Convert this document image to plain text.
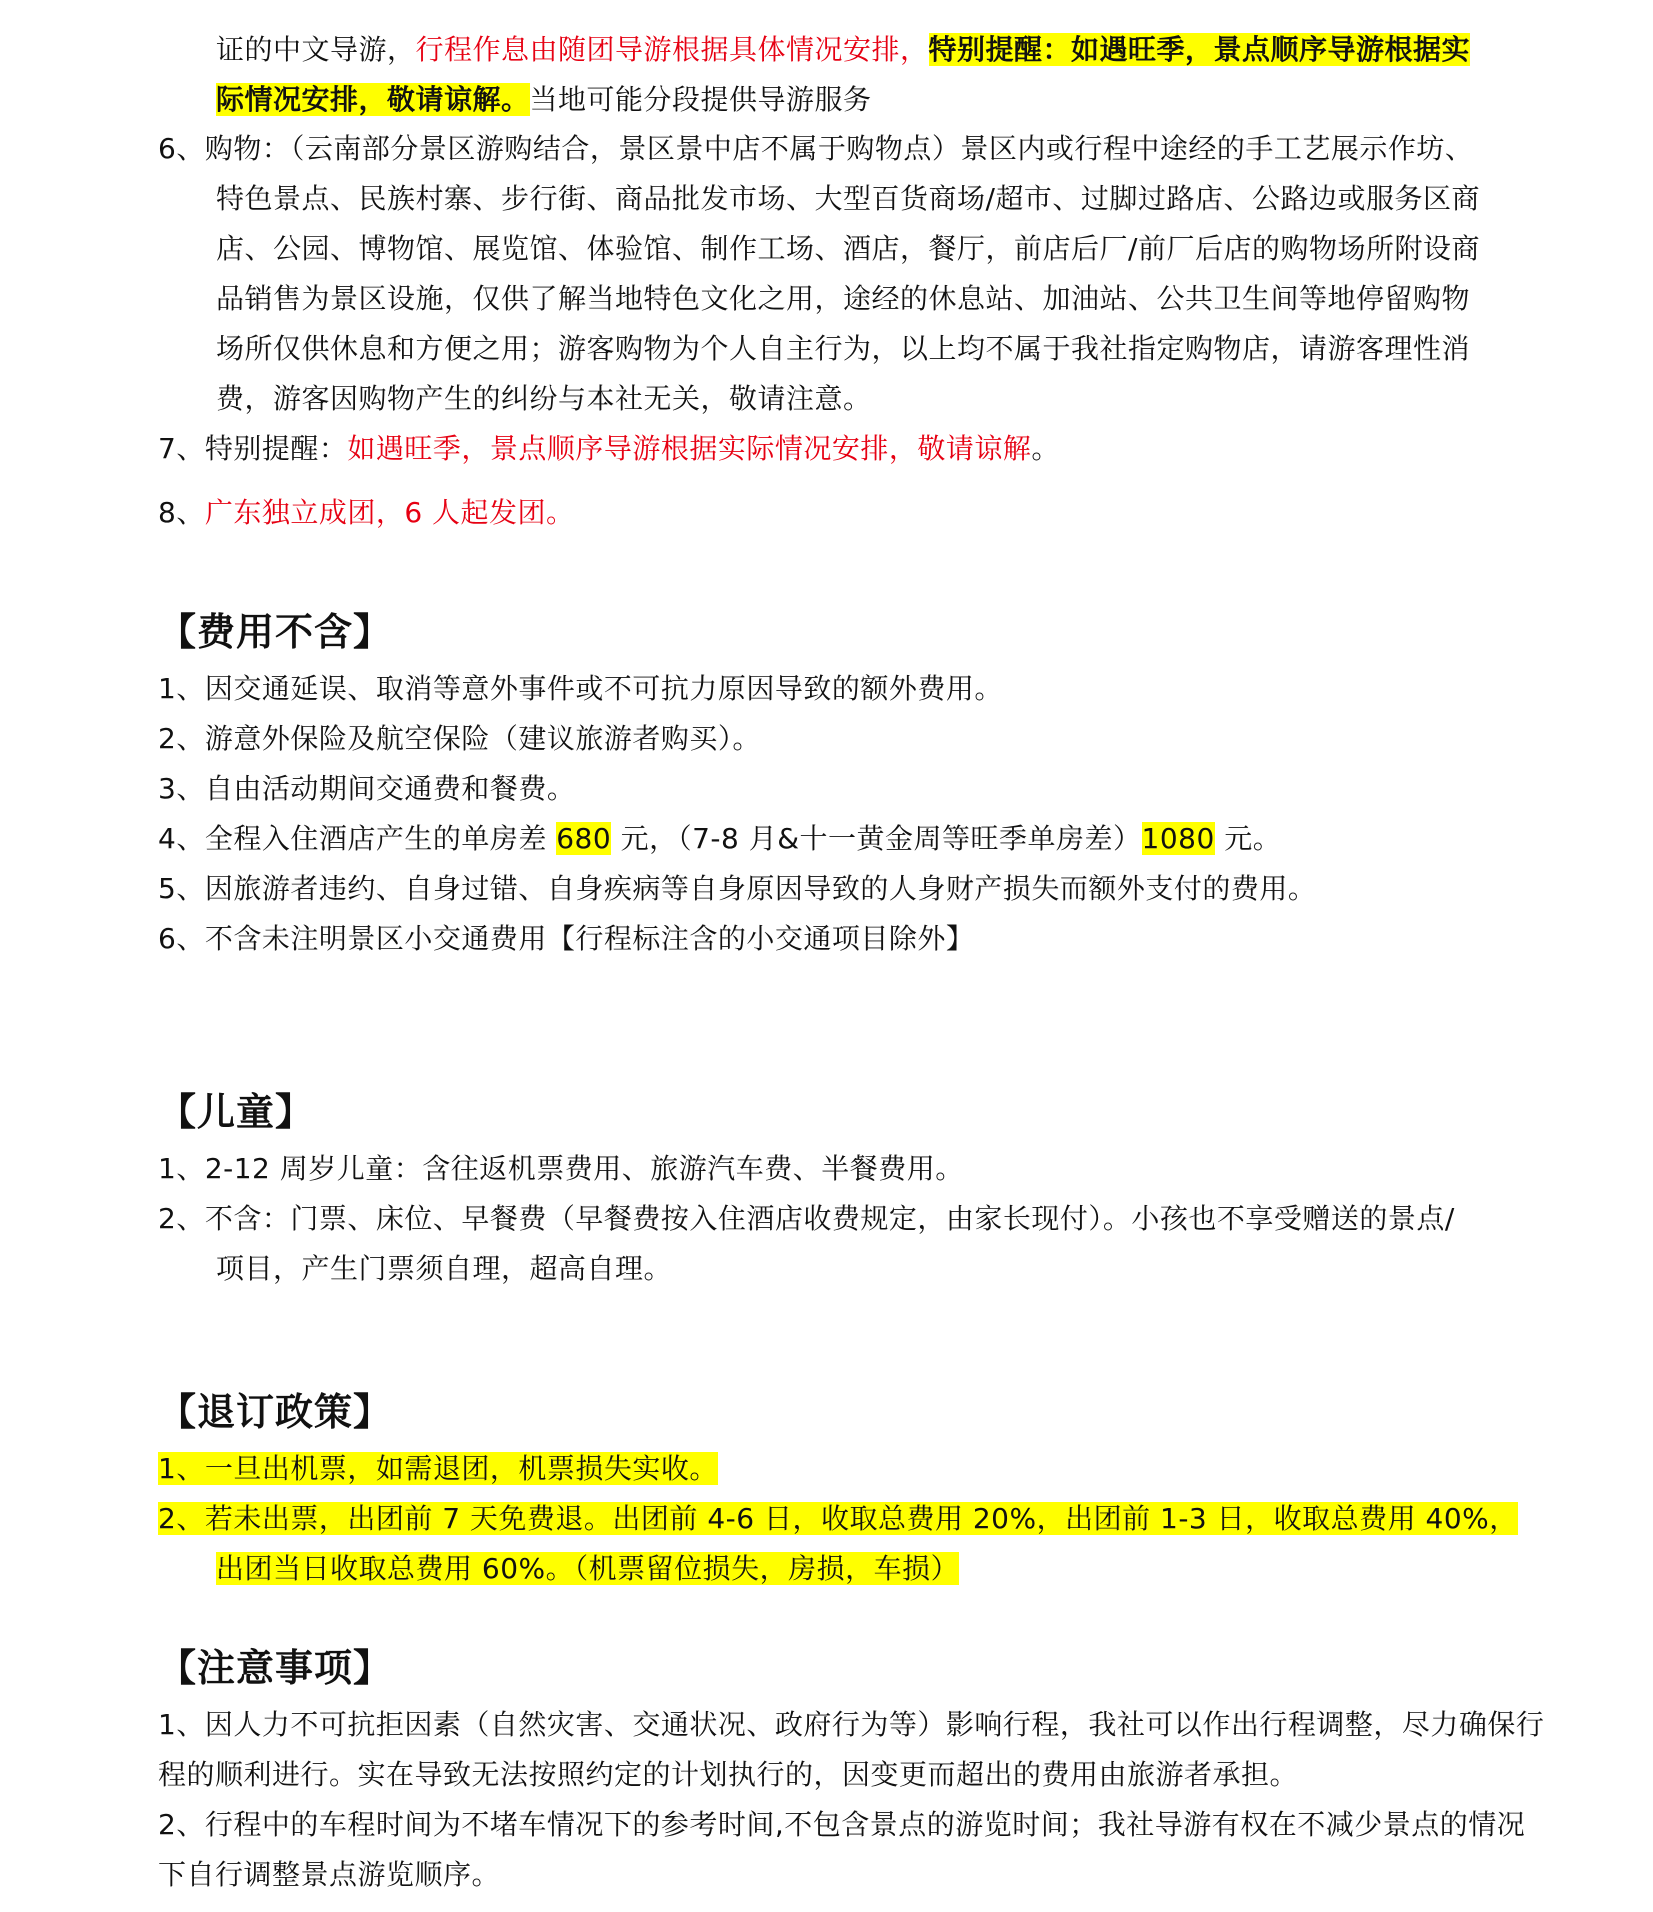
证的中文导游，行程作息由随团导游根据具体情况安排，特别提醒：如遇旺季，景点顺序导游根据实
际情况安排，敬请谅解。当地可能分段提供导游服务
6、购物：（云南部分景区游购结合，景区景中店不属于购物点）景区内或行程中途经的手工艺展示作坊、
特色景点、民族村寨、步行街、商品批发市场、大型百货商场/超市、过脚过路店、公路边或服务区商
店、公园、博物馆、展览馆、体验馆、制作工场、酒店，餐厅，前店后厂/前厂后店的购物场所附设商
品销售为景区设施，仅供了解当地特色文化之用，途经的休息站、加油站、公共卫生间等地停留购物
场所仅供休息和方便之用；游客购物为个人自主行为，以上均不属于我社指定购物店，请游客理性消
费，游客因购物产生的纠纷与本社无关，敬请注意。
7、特别提醒：如遇旺季，景点顺序导游根据实际情况安排，敬请谅解。
8、广东独立成团，6 人起发团。
【费用不含】
1、因交通延误、取消等意外事件或不可抗力原因导致的额外费用。
2、游意外保险及航空保险（建议旅游者购买）。
3、自由活动期间交通费和餐费。
4、全程入住酒店产生的单房差 680 元，（7-8 月&十一黄金周等旺季单房差）1080 元。
5、因旅游者违约、自身过错、自身疾病等自身原因导致的人身财产损失而额外支付的费用。
6、不含未注明景区小交通费用【行程标注含的小交通项目除外】
【儿童】
1、2-12 周岁儿童：含往返机票费用、旅游汽车费、半餐费用。
2、不含：门票、床位、早餐费（早餐费按入住酒店收费规定，由家长现付）。小孩也不享受赠送的景点/
项目，产生门票须自理，超高自理。
【退订政策】
1、一旦出机票，如需退团，机票损失实收。
2、若未出票，出团前 7 天免费退。出团前 4-6 日，收取总费用 20%，出团前 1-3 日，收取总费用 40%，
出团当日收取总费用 60%。（机票留位损失，房损，车损）
【注意事项】
1、因人力不可抗拒因素（自然灾害、交通状况、政府行为等）影响行程，我社可以作出行程调整，尽力确保行
程的顺利进行。实在导致无法按照约定的计划执行的，因变更而超出的费用由旅游者承担。
2、行程中的车程时间为不堵车情况下的参考时间,不包含景点的游览时间；我社导游有权在不减少景点的情况
下自行调整景点游览顺序。
